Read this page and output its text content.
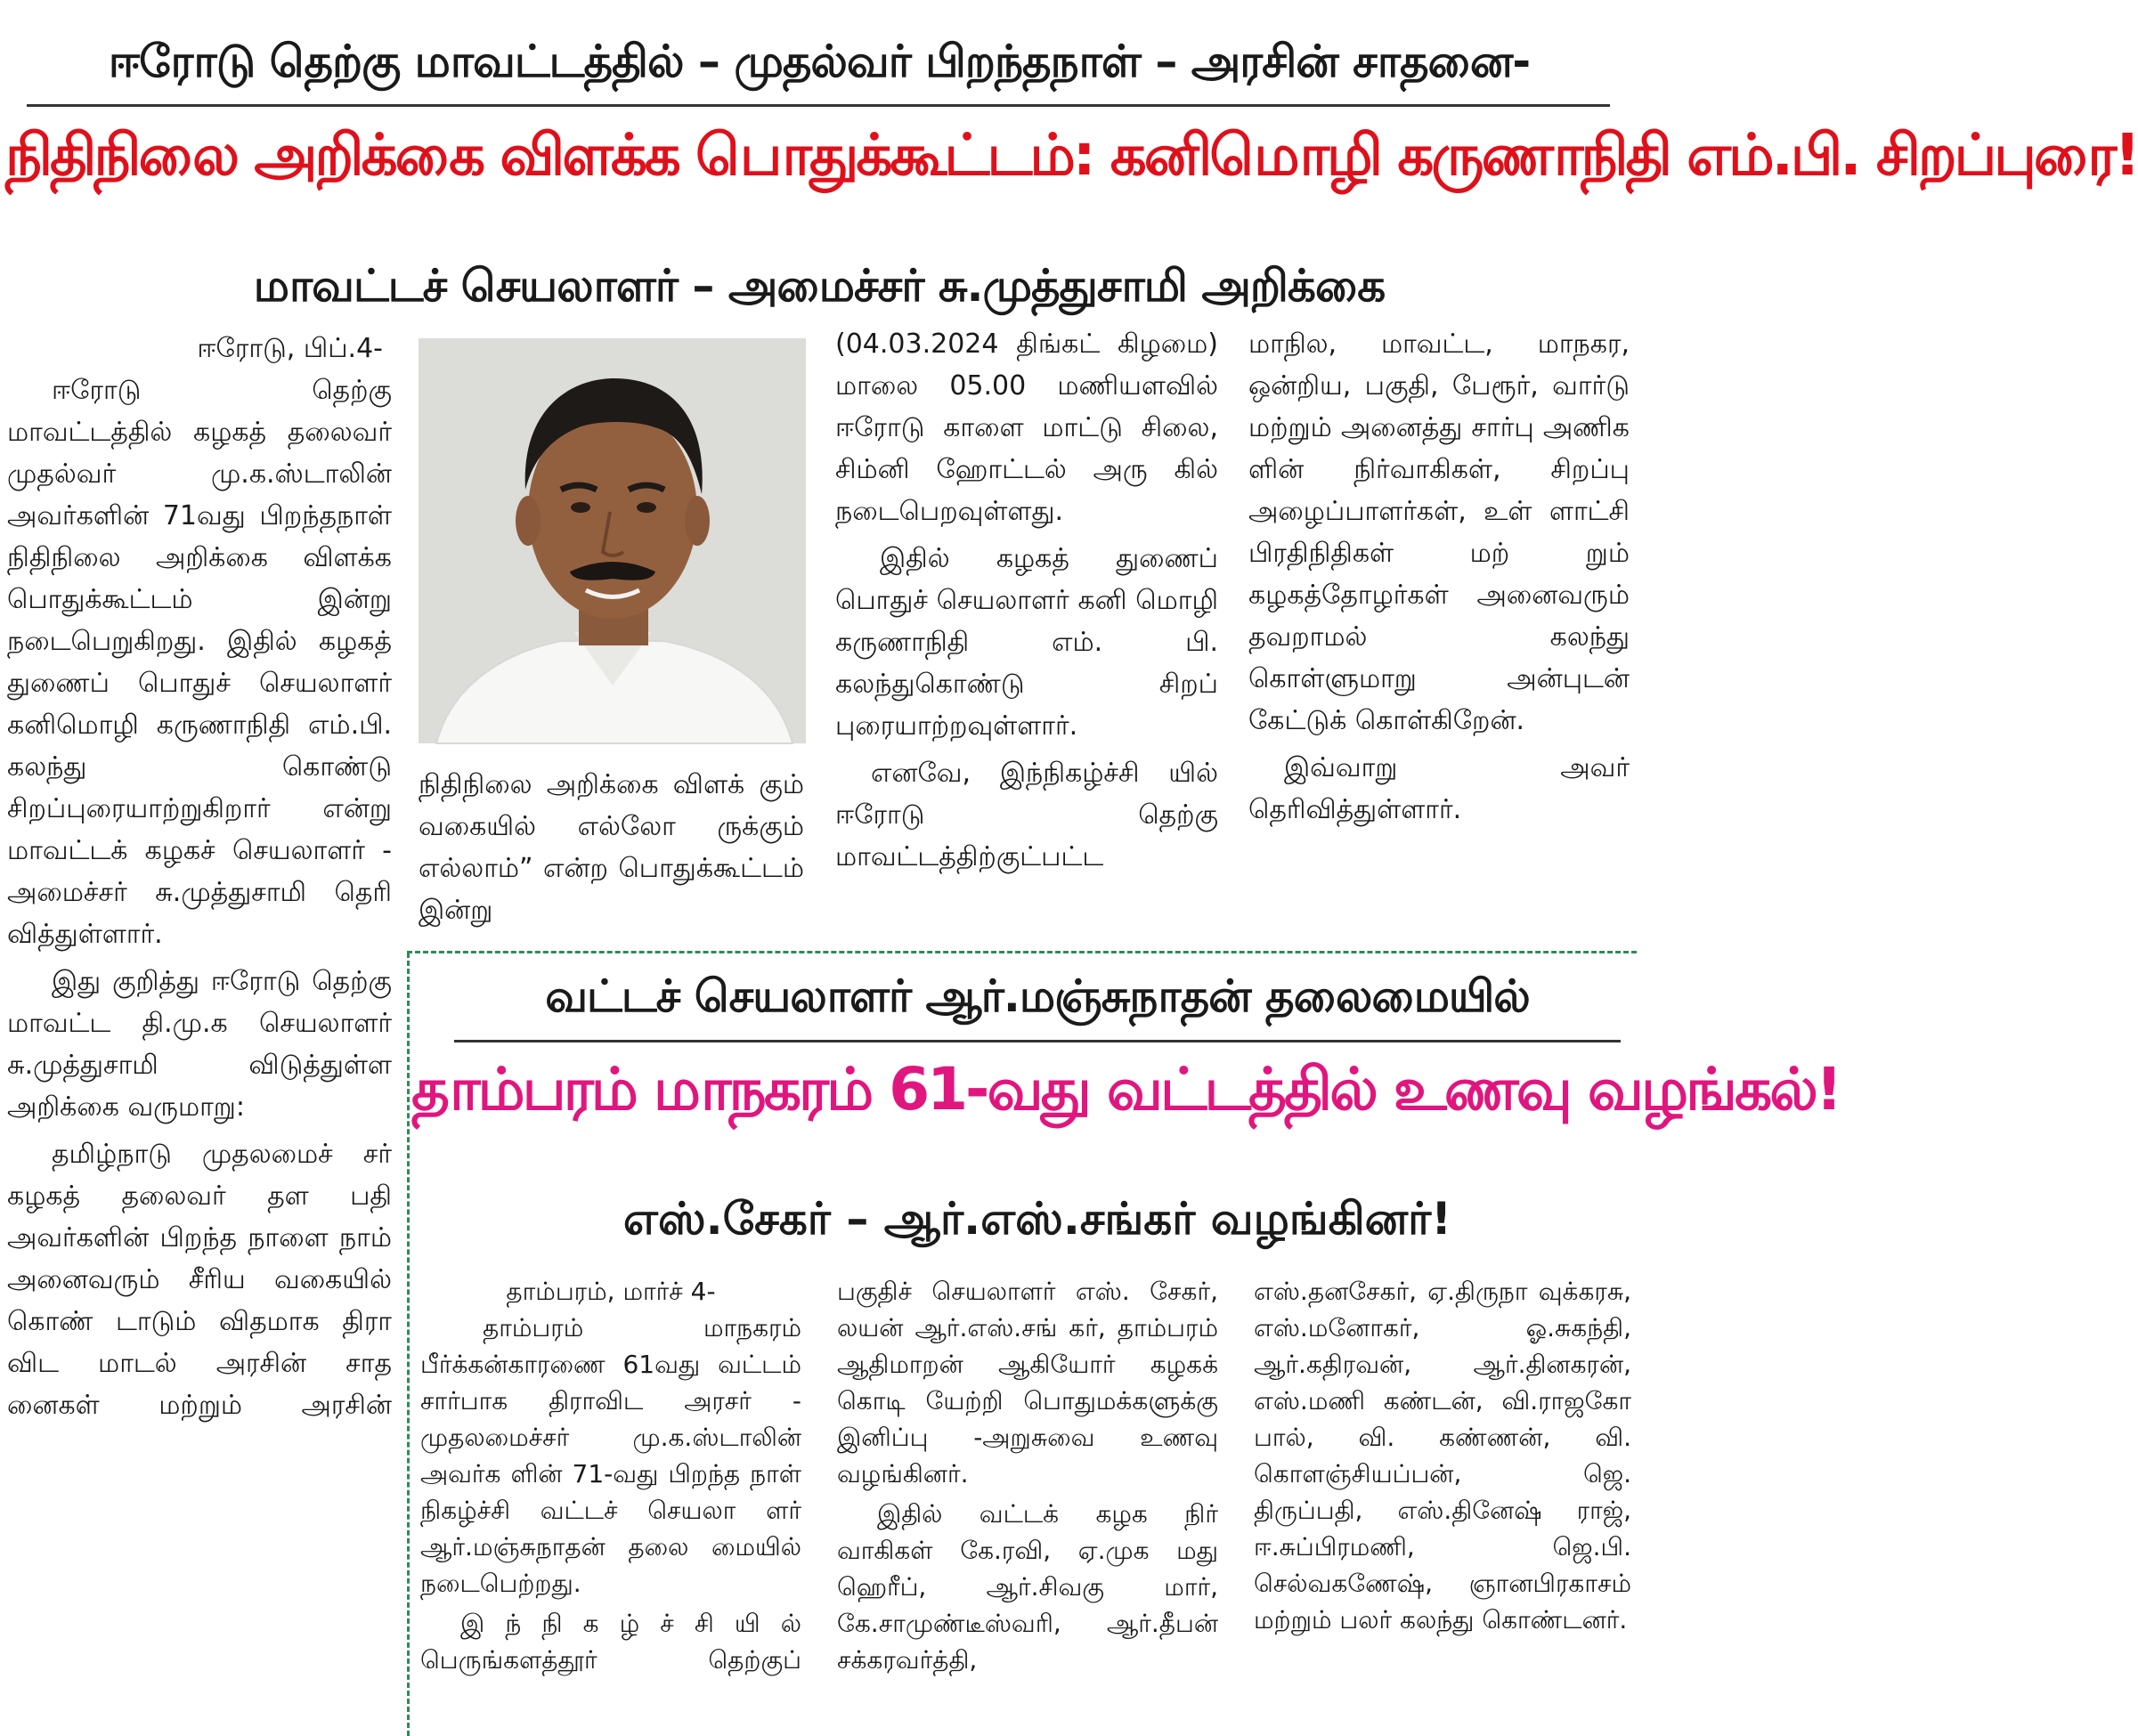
ஈரோடு தெற்கு மாவட்டத்தில் – முதல்வர் பிறந்தநாள் – அரசின் சாதனை-
நிதிநிலை அறிக்கை விளக்க பொதுக்கூட்டம்: கனிமொழி கருணாநிதி எம்.பி. சிறப்புரை!
மாவட்டச் செயலாளர் – அமைச்சர் சு.முத்துசாமி அறிக்கை

ஈரோடு, பிப்.4-

ஈரோடு தெற்கு மாவட்டத்தில் கழகத் தலைவர் முதல்வர் மு.க.ஸ்டாலின் அவர்களின் 71வது பிறந்தநாள் நிதிநிலை அறிக்கை விளக்க பொதுக்கூட்டம் இன்று நடைபெறுகிறது. இதில் கழகத் துணைப் பொதுச் செயலாளர் கனிமொழி கருணாநிதி எம்.பி. கலந்து கொண்டு சிறப்புரையாற்றுகிறார் என்று மாவட்டக் கழகச் செயலாளர் - அமைச்சர் சு.முத்துசாமி தெரி வித்துள்ளார்.

இது குறித்து ஈரோடு தெற்கு மாவட்ட தி.மு.க செயலாளர் சு.முத்துசாமி விடுத்துள்ள அறிக்கை வருமாறு:

தமிழ்நாடு முதலமைச் சர் கழகத் தலைவர் தள பதி அவர்களின் பிறந்த நாளை நாம் அனைவரும் சீரிய வகையில் கொண் டாடும் விதமாக திரா விட மாடல் அரசின் சாத னைகள் மற்றும் அரசின்

நிதிநிலை அறிக்கை விளக் கும் வகையில் எல்லோ ருக்கும் எல்லாம்” என்ற பொதுக்கூட்டம் இன்று

(04.03.2024 திங்கட் கிழமை) மாலை 05.00 மணியளவில் ஈரோடு காளை மாட்டு சிலை, சிம்னி ஹோட்டல் அரு கில் நடைபெறவுள்ளது.

இதில் கழகத் துணைப் பொதுச் செயலாளர் கனி மொழி கருணாநிதி எம். பி. கலந்துகொண்டு சிறப் புரையாற்றவுள்ளார்.

எனவே, இந்நிகழ்ச்சி யில் ஈரோடு தெற்கு மாவட்டத்திற்குட்பட்ட

மாநில, மாவட்ட, மாநகர, ஒன்றிய, பகுதி, பேரூர், வார்டு மற்றும் அனைத்து சார்பு அணிக ளின் நிர்வாகிகள், சிறப்பு அழைப்பாளர்கள், உள் ளாட்சி பிரதிநிதிகள் மற் றும் கழகத்தோழர்கள் அனைவரும் தவறாமல் கலந்து கொள்ளுமாறு அன்புடன் கேட்டுக் கொள்கிறேன்.

இவ்வாறு அவர் தெரிவித்துள்ளார்.

வட்டச் செயலாளர் ஆர்.மஞ்சுநாதன் தலைமையில்
தாம்பரம் மாநகரம் 61-வது வட்டத்தில் உணவு வழங்கல்!
எஸ்.சேகர் – ஆர்.எஸ்.சங்கர் வழங்கினர்!

தாம்பரம், மார்ச் 4-

தாம்பரம் மாநகரம் பீர்க்கன்காரணை 61வது வட்டம் சார்பாக திராவிட அரசர் - முதலமைச்சர் மு.க.ஸ்டாலின் அவர்க ளின் 71-வது பிறந்த நாள் நிகழ்ச்சி வட்டச் செயலா ளர் ஆர்.மஞ்சுநாதன் தலை மையில் நடைபெற்றது.

இ ந் நி க ழ் ச் சி யி ல் பெருங்களத்தூர் தெற்குப்

பகுதிச் செயலாளர் எஸ். சேகர், லயன் ஆர்.எஸ்.சங் கர், தாம்பரம் ஆதிமாறன் ஆகியோர் கழகக் கொடி யேற்றி பொதுமக்களுக்கு இனிப்பு -அறுசுவை உணவு வழங்கினர்.

இதில் வட்டக் கழக நிர் வாகிகள் கே.ரவி, ஏ.முக மது ஹெரீப், ஆர்.சிவகு மார், கே.சாமுண்டீஸ்வரி, ஆர்.தீபன் சக்கரவர்த்தி,

எஸ்.தனசேகர், ஏ.திருநா வுக்கரசு, எஸ்.மனோகர், ஓ.சுகந்தி, ஆர்.கதிரவன், ஆர்.தினகரன், எஸ்.மணி கண்டன், வி.ராஜகோ பால், வி. கண்ணன், வி. கொளஞ்சியப்பன், ஜெ. திருப்பதி, எஸ்.தினேஷ் ராஜ், ஈ.சுப்பிரமணி, ஜெ.பி. செல்வகணேஷ், ஞானபிரகாசம் மற்றும் பலர் கலந்து கொண்டனர்.
